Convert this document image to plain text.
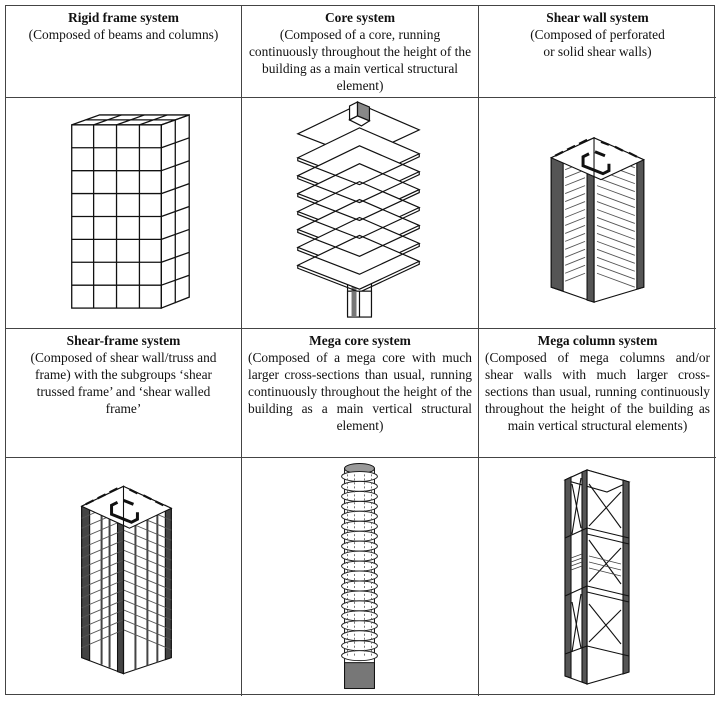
Rigid frame system
(Composed of beams and columns)
Core system
(Composed of a core, running continuously throughout the height of the building as a main vertical structural element)
Shear wall system
(Composed of perforated or solid shear walls)
Shear-frame system
(Composed of shear wall/truss and frame) with the subgroups ‘shear trussed frame’ and ‘shear walled frame’
Mega core system
(Composed of a mega core with much larger cross-sections than usual, running continuously throughout the height of the building as a main vertical structural element)
Mega column system
(Composed of mega columns and/or shear walls with much larger cross-sections than usual, running continuously throughout the height of the building as main vertical structural elements)
